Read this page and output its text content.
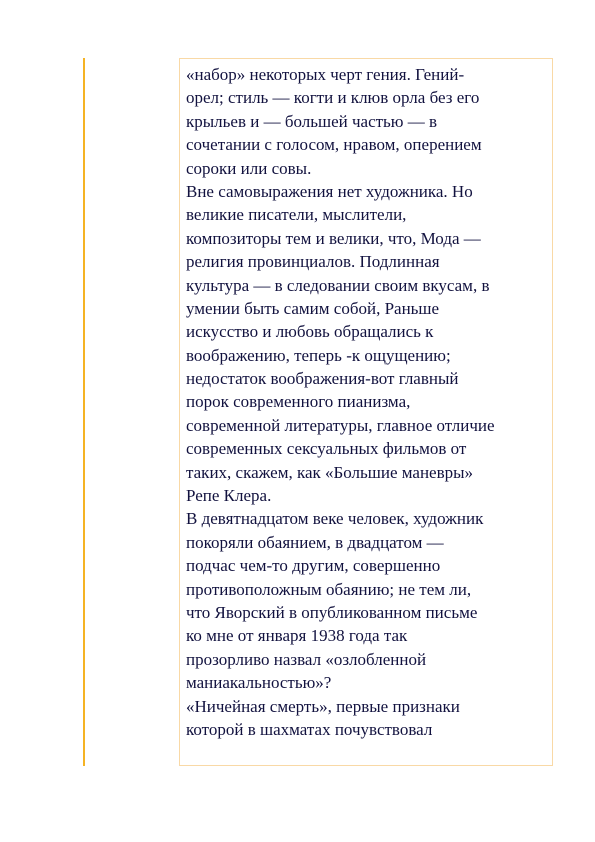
«набор» некоторых черт гения. Гений-
орел; стиль — когти и клюв орла без его
крыльев и — большей частью — в
сочетании с голосом, нравом, оперением
сороки или совы.
Вне самовыражения нет художника. Но
великие писатели, мыслители,
композиторы тем и велики, что, Мода —
религия провинциалов. Подлинная
культура — в следовании своим вкусам, в
умении быть самим собой, Раньше
искусство и любовь обращались к
воображению, теперь -к ощущению;
недостаток воображения-вот главный
порок современного пианизма,
современной литературы, главное отличие
современных сексуальных фильмов от
таких, скажем, как «Большие маневры»
Репе Клера.
В девятнадцатом веке человек, художник
покоряли обаянием, в двадцатом —
подчас чем-то другим, совершенно
противоположным обаянию; не тем ли,
что Яворский в опубликованном письме
ко мне от января 1938 года так
прозорливо назвал «озлобленной
маниакальностью»?
«Ничейная смерть», первые признаки
которой в шахматах почувствовал
